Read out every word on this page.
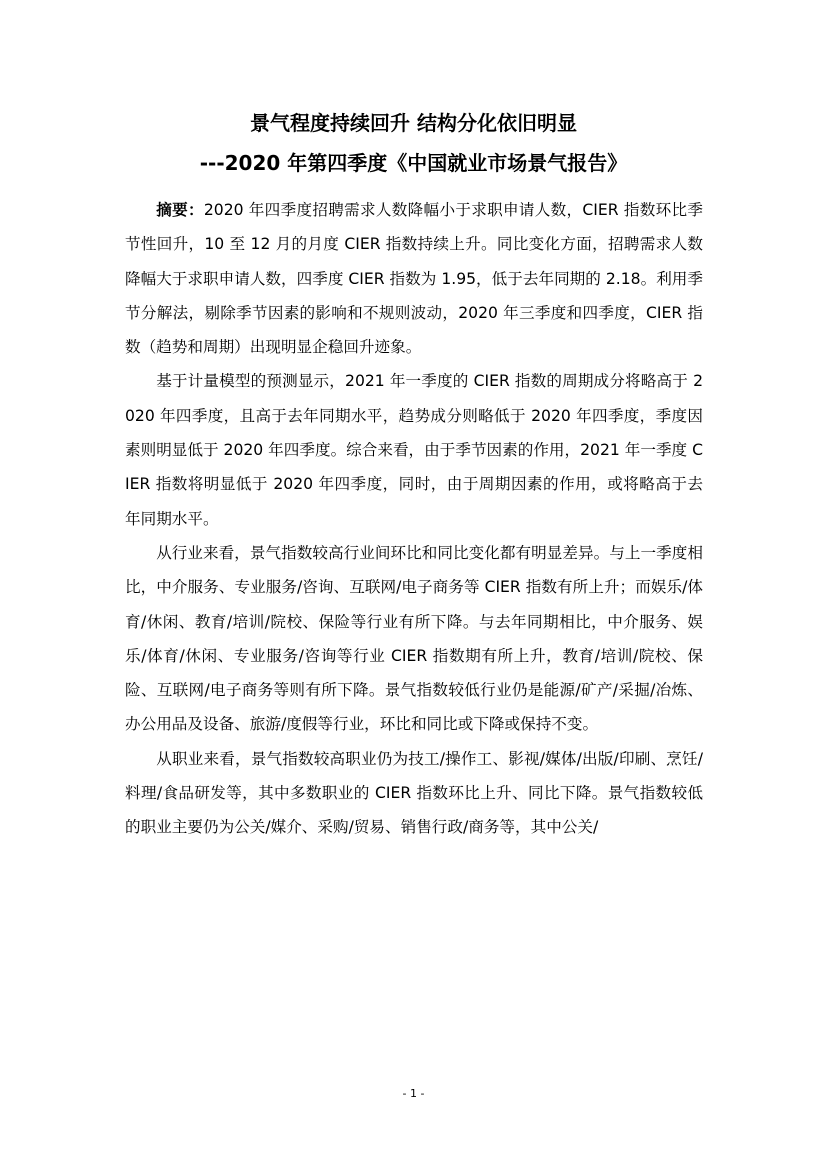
景气程度持续回升 结构分化依旧明显
---2020 年第四季度《中国就业市场景气报告》

摘要：2020 年四季度招聘需求人数降幅小于求职申请人数，CIER 指数环比季节性回升，10 至 12 月的月度 CIER 指数持续上升。同比变化方面，招聘需求人数降幅大于求职申请人数，四季度 CIER 指数为 1.95，低于去年同期的 2.18。利用季节分解法，剔除季节因素的影响和不规则波动，2020 年三季度和四季度，CIER 指数（趋势和周期）出现明显企稳回升迹象。

基于计量模型的预测显示，2021 年一季度的 CIER 指数的周期成分将略高于 2020 年四季度，且高于去年同期水平，趋势成分则略低于 2020 年四季度，季度因素则明显低于 2020 年四季度。综合来看，由于季节因素的作用，2021 年一季度 CIER 指数将明显低于 2020 年四季度，同时，由于周期因素的作用，或将略高于去年同期水平。

从行业来看，景气指数较高行业间环比和同比变化都有明显差异。与上一季度相比，中介服务、专业服务/咨询、互联网/电子商务等 CIER 指数有所上升；而娱乐/体育/休闲、教育/培训/院校、保险等行业有所下降。与去年同期相比，中介服务、娱乐/体育/休闲、专业服务/咨询等行业 CIER 指数期有所上升，教育/培训/院校、保险、互联网/电子商务等则有所下降。景气指数较低行业仍是能源/矿产/采掘/冶炼、办公用品及设备、旅游/度假等行业，环比和同比或下降或保持不变。

从职业来看，景气指数较高职业仍为技工/操作工、影视/媒体/出版/印刷、烹饪/料理/食品研发等，其中多数职业的 CIER 指数环比上升、同比下降。景气指数较低的职业主要仍为公关/媒介、采购/贸易、销售行政/商务等，其中公关/

- 1 -
